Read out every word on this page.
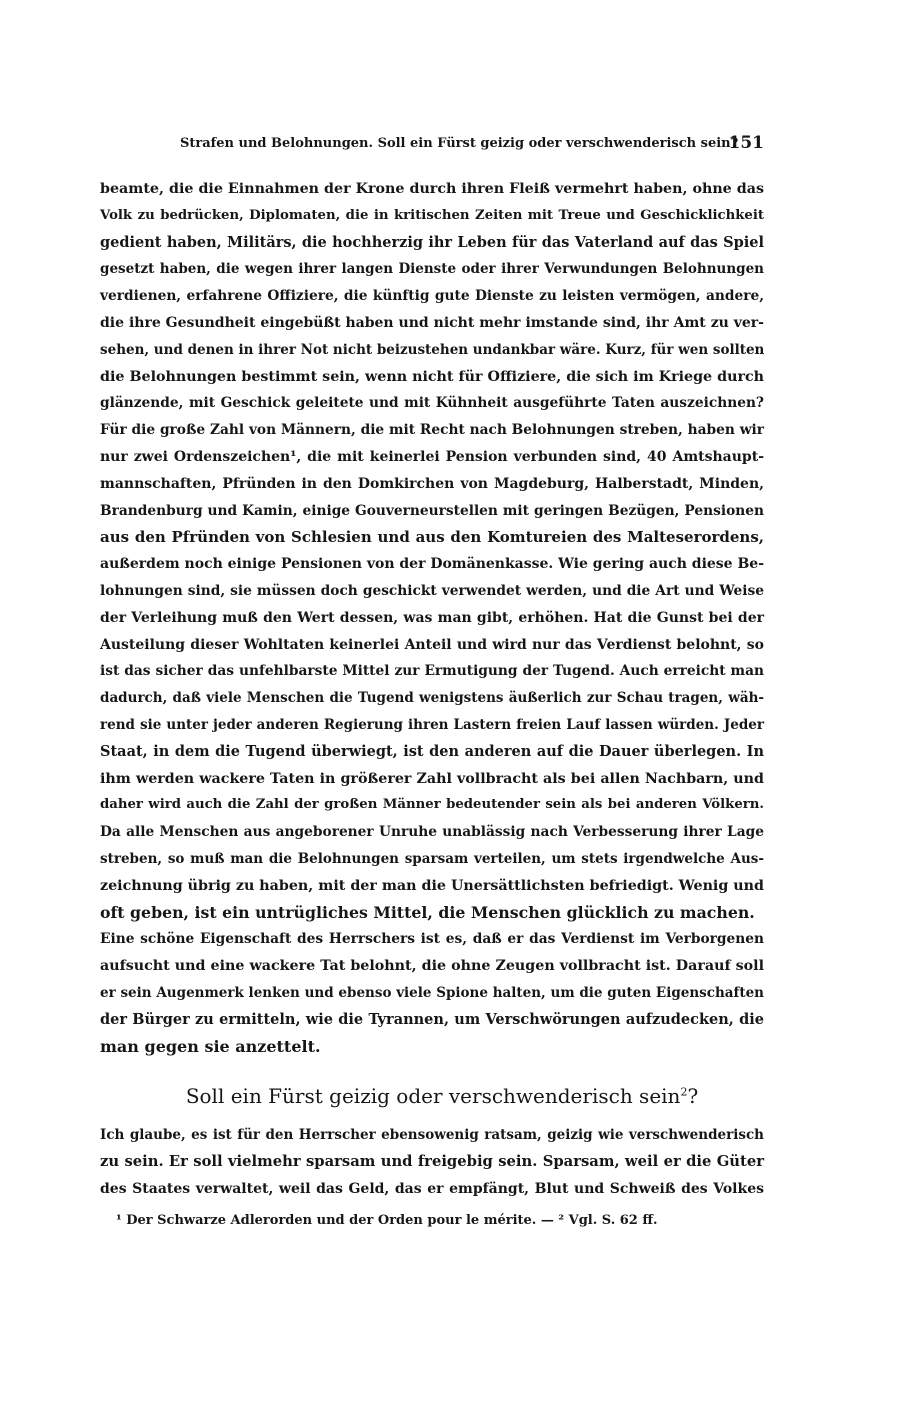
Strafen und Belohnungen. Soll ein Fürst geizig oder verschwenderisch sein?
151
beamte, die die Einnahmen der Krone durch ihren Fleiß vermehrt haben, ohne das
Volk zu bedrücken, Diplomaten, die in kritischen Zeiten mit Treue und Geschicklichkeit
gedient haben, Militärs, die hochherzig ihr Leben für das Vaterland auf das Spiel
gesetzt haben, die wegen ihrer langen Dienste oder ihrer Verwundungen Belohnungen
verdienen, erfahrene Offiziere, die künftig gute Dienste zu leisten vermögen, andere,
die ihre Gesundheit eingebüßt haben und nicht mehr imstande sind, ihr Amt zu ver-
sehen, und denen in ihrer Not nicht beizustehen undankbar wäre. Kurz, für wen sollten
die Belohnungen bestimmt sein, wenn nicht für Offiziere, die sich im Kriege durch
glänzende, mit Geschick geleitete und mit Kühnheit ausgeführte Taten auszeichnen?
Für die große Zahl von Männern, die mit Recht nach Belohnungen streben, haben wir
nur zwei Ordenszeichen¹, die mit keinerlei Pension verbunden sind, 40 Amtshaupt-
mannschaften, Pfründen in den Domkirchen von Magdeburg, Halberstadt, Minden,
Brandenburg und Kamin, einige Gouverneurstellen mit geringen Bezügen, Pensionen
aus den Pfründen von Schlesien und aus den Komtureien des Malteserordens,
außerdem noch einige Pensionen von der Domänenkasse. Wie gering auch diese Be-
lohnungen sind, sie müssen doch geschickt verwendet werden, und die Art und Weise
der Verleihung muß den Wert dessen, was man gibt, erhöhen. Hat die Gunst bei der
Austeilung dieser Wohltaten keinerlei Anteil und wird nur das Verdienst belohnt, so
ist das sicher das unfehlbarste Mittel zur Ermutigung der Tugend. Auch erreicht man
dadurch, daß viele Menschen die Tugend wenigstens äußerlich zur Schau tragen, wäh-
rend sie unter jeder anderen Regierung ihren Lastern freien Lauf lassen würden. Jeder
Staat, in dem die Tugend überwiegt, ist den anderen auf die Dauer überlegen. In
ihm werden wackere Taten in größerer Zahl vollbracht als bei allen Nachbarn, und
daher wird auch die Zahl der großen Männer bedeutender sein als bei anderen Völkern.
Da alle Menschen aus angeborener Unruhe unablässig nach Verbesserung ihrer Lage
streben, so muß man die Belohnungen sparsam verteilen, um stets irgendwelche Aus-
zeichnung übrig zu haben, mit der man die Unersättlichsten befriedigt. Wenig und
oft geben, ist ein untrügliches Mittel, die Menschen glücklich zu machen.
Eine schöne Eigenschaft des Herrschers ist es, daß er das Verdienst im Verborgenen
aufsucht und eine wackere Tat belohnt, die ohne Zeugen vollbracht ist. Darauf soll
er sein Augenmerk lenken und ebenso viele Spione halten, um die guten Eigenschaften
der Bürger zu ermitteln, wie die Tyrannen, um Verschwörungen aufzudecken, die
man gegen sie anzettelt.
Soll ein Fürst geizig oder verschwenderisch sein$^2$?
Ich glaube, es ist für den Herrscher ebensowenig ratsam, geizig wie verschwenderisch
zu sein. Er soll vielmehr sparsam und freigebig sein. Sparsam, weil er die Güter
des Staates verwaltet, weil das Geld, das er empfängt, Blut und Schweiß des Volkes
¹ Der Schwarze Adlerorden und der Orden pour le mérite. — ² Vgl. S. 62 ff.
